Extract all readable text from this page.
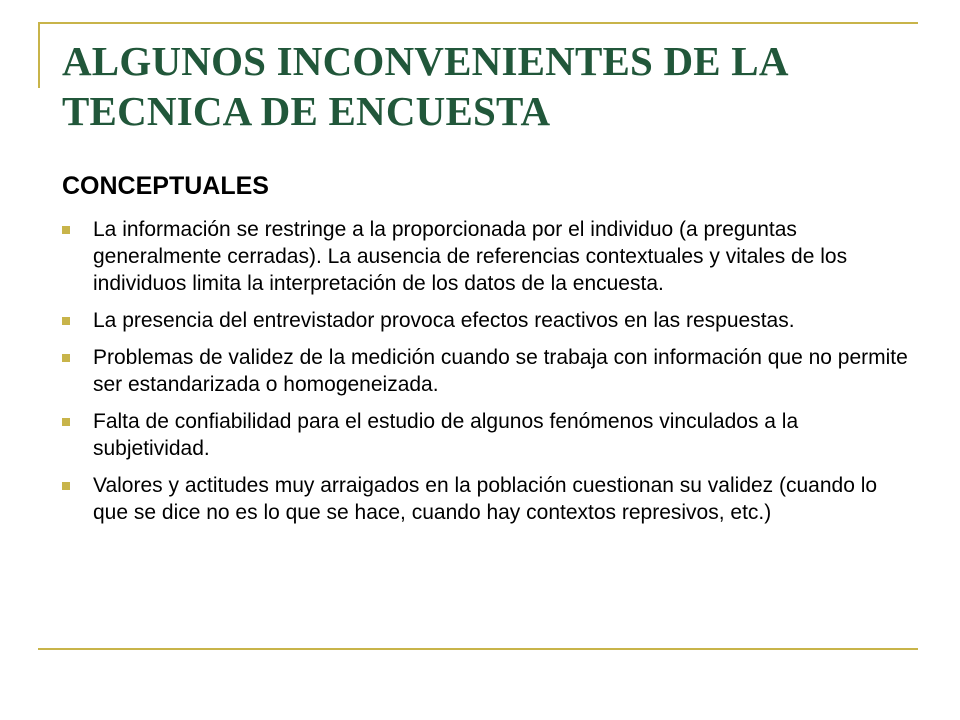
ALGUNOS INCONVENIENTES DE LA TECNICA DE ENCUESTA
CONCEPTUALES
La información se restringe a la proporcionada por el individuo (a preguntas generalmente cerradas). La ausencia de referencias contextuales y vitales de los individuos limita la interpretación de los datos de la encuesta.
La presencia del entrevistador provoca efectos reactivos en las respuestas.
Problemas de validez de la medición cuando se trabaja con información que no permite ser estandarizada o homogeneizada.
Falta de confiabilidad para el estudio de algunos fenómenos vinculados a la subjetividad.
Valores y actitudes muy arraigados en la población cuestionan su validez (cuando lo que se dice no es lo que se hace, cuando hay contextos represivos, etc.)
